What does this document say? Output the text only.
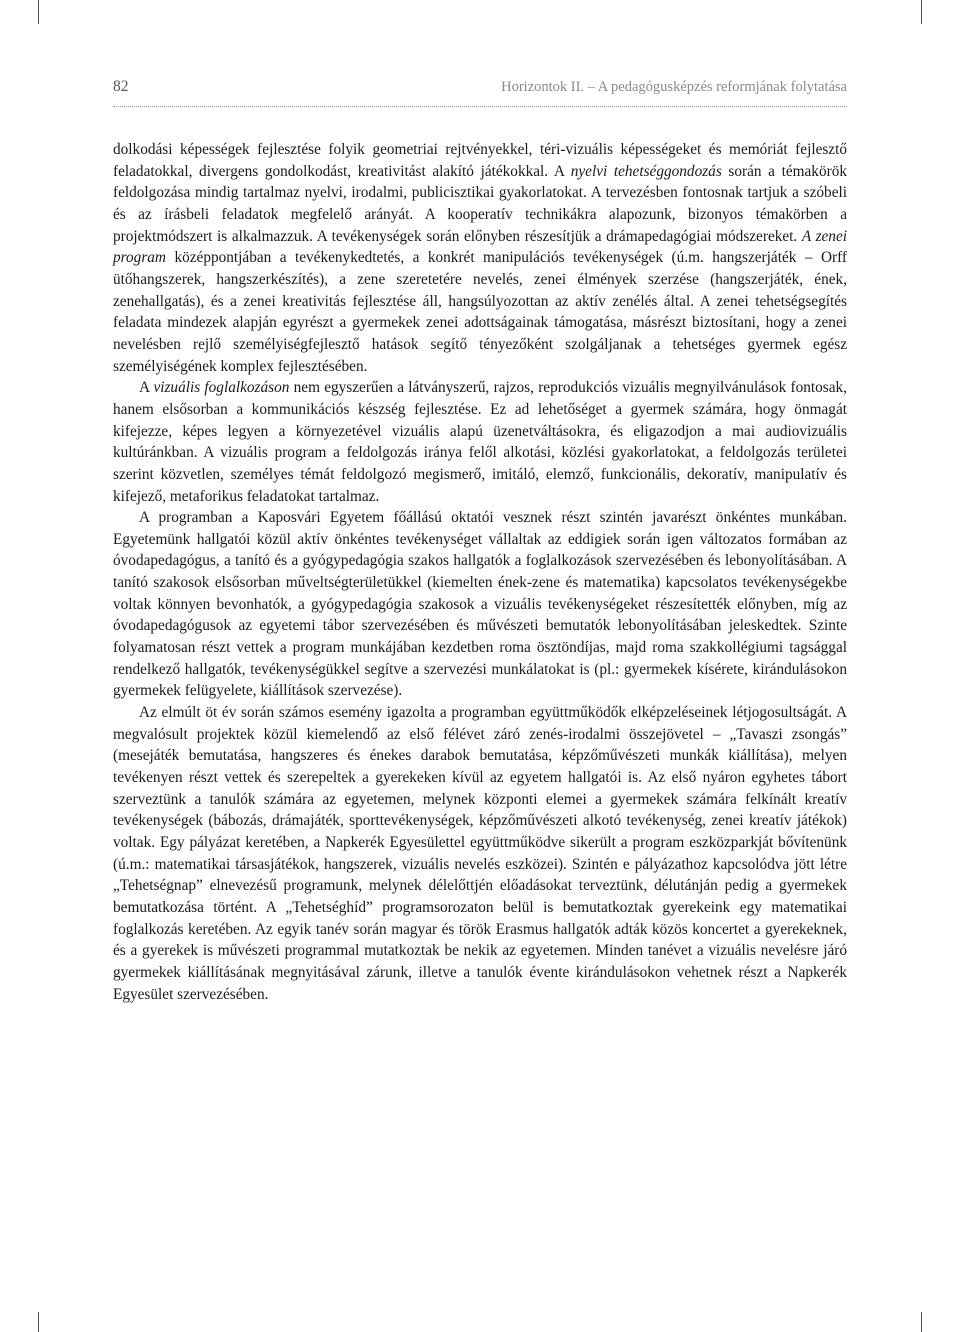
82	Horizontok II. – A pedagógusképzés reformjának folytatása

dolkodási képességek fejlesztése folyik geometriai rejtvényekkel, téri-vizuális képességeket és memóriát fejlesztő feladatokkal, divergens gondolkodást, kreativitást alakító játékokkal. A nyelvi tehetséggondozás során a témakörök feldolgozása mindig tartalmaz nyelvi, irodalmi, publicisztikai gyakorlatokat. A tervezésben fontosnak tartjuk a szóbeli és az írásbeli feladatok megfelelő arányát. A kooperatív technikákra alapozunk, bizonyos témakörben a projektmódszert is alkalmazzuk. A tevékenységek során előnyben részesítjük a drámapedagógiai módszereket. A zenei program középpontjában a tevékenykedtetés, a konkrét manipulációs tevékenységek (ú.m. hangszerjáték – Orff ütőhangszerek, hangszerkészítés), a zene szeretetére nevelés, zenei élmények szerzése (hangszerjáték, ének, zenehallgatás), és a zenei kreativitás fejlesztése áll, hangsúlyozottan az aktív zenélés által. A zenei tehetségsegítés feladata mindezek alapján egyrészt a gyermekek zenei adottságainak támogatása, másrészt biztosítani, hogy a zenei nevelésben rejlő személyiségfejlesztő hatások segítő tényezőként szolgáljanak a tehetséges gyermek egész személyiségének komplex fejlesztésében.

A vizuális foglalkozáson nem egyszerűen a látványszerű, rajzos, reprodukciós vizuális megnyilvánulások fontosak, hanem elsősorban a kommunikációs készség fejlesztése. Ez ad lehetőséget a gyermek számára, hogy önmagát kifejezze, képes legyen a környezetével vizuális alapú üzenetváltásokra, és eligazodjon a mai audiovizuális kultúránkban. A vizuális program a feldolgozás iránya felől alkotási, közlési gyakorlatokat, a feldolgozás területei szerint közvetlen, személyes témát feldolgozó megismerő, imitáló, elemző, funkcionális, dekoratív, manipulatív és kifejező, metaforikus feladatokat tartalmaz.

A programban a Kaposvári Egyetem főállású oktatói vesznek részt szintén javarészt önkéntes munkában. Egyetemünk hallgatói közül aktív önkéntes tevékenységet vállaltak az eddigiek során igen változatos formában az óvodapedagógus, a tanító és a gyógypedagógia szakos hallgatók a foglalkozások szervezésében és lebonyolításában. A tanító szakosok elsősorban műveltségterületükkel (kiemelten ének-zene és matematika) kapcsolatos tevékenységekbe voltak könnyen bevonhatók, a gyógypedagógia szakosok a vizuális tevékenységeket részesítették előnyben, míg az óvodapedagógusok az egyetemi tábor szervezésében és művészeti bemutatók lebonyolításában jeleskedtek. Szinte folyamatosan részt vettek a program munkájában kezdetben roma ösztöndíjas, majd roma szakkollégiumi tagsággal rendelkező hallgatók, tevékenységükkel segítve a szervezési munkálatokat is (pl.: gyermekek kísérete, kirándulásokon gyermekek felügyelete, kiállítások szervezése).

Az elmúlt öt év során számos esemény igazolta a programban együttműködők elképzeléseinek létjogosultságát. A megvalósult projektek közül kiemelendő az első félévet záró zenés-irodalmi összejövetel – „Tavaszi zsongás” (mesejáték bemutatása, hangszeres és énekes darabok bemutatása, képzőművészeti munkák kiállítása), melyen tevékenyen részt vettek és szerepeltek a gyerekeken kívül az egyetem hallgatói is. Az első nyáron egyhetes tábort szerveztünk a tanulók számára az egyetemen, melynek központi elemei a gyermekek számára felkínált kreatív tevékenységek (bábozás, drámajáték, sporttevékenységek, képzőművészeti alkotó tevékenység, zenei kreatív játékok) voltak. Egy pályázat keretében, a Napkerék Egyesülettel együttműködve sikerült a program eszközparkját bővítenünk (ú.m.: matematikai társasjátékok, hangszerek, vizuális nevelés eszközei). Szintén e pályázathoz kapcsolódva jött létre „Tehetségnap” elnevezésű programunk, melynek délelőttjén előadásokat terveztünk, délutánján pedig a gyermekek bemutatkozása történt. A „Tehetséghíd” programsorozaton belül is bemutatkoztak gyerekeink egy matematikai foglalkozás keretében. Az egyik tanév során magyar és török Erasmus hallgatók adták közös koncertet a gyerekeknek, és a gyerekek is művészeti programmal mutatkoztak be nekik az egyetemen. Minden tanévet a vizuális nevelésre járó gyermekek kiállításának megnyitásával zárunk, illetve a tanulók évente kirándulásokon vehetnek részt a Napkerék Egyesület szervezésében.
